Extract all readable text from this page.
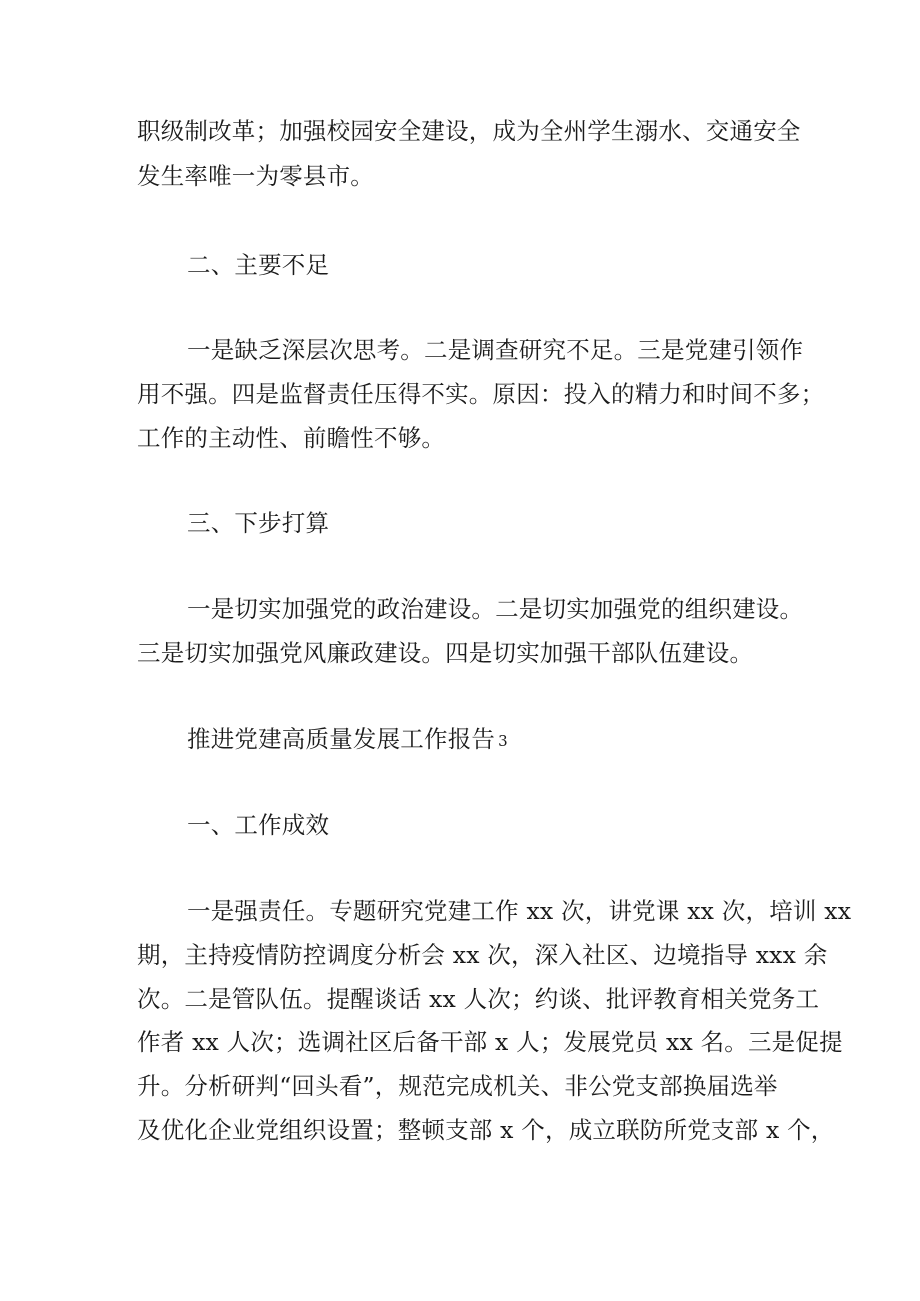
职级制改革；加强校园安全建设，成为全州学生溺水、交通安全
发生率唯一为零县市。
二、主要不足
一是缺乏深层次思考。二是调查研究不足。三是党建引领作
用不强。四是监督责任压得不实。原因：投入的精力和时间不多；
工作的主动性、前瞻性不够。
三、下步打算
一是切实加强党的政治建设。二是切实加强党的组织建设。
三是切实加强党风廉政建设。四是切实加强干部队伍建设。
推进党建高质量发展工作报告 3
一、工作成效
一是强责任。专题研究党建工作 xx 次，讲党课 xx 次，培训 xx
期，主持疫情防控调度分析会 xx 次，深入社区、边境指导 xxx 余
次。二是管队伍。提醒谈话 xx 人次；约谈、批评教育相关党务工
作者 xx 人次；选调社区后备干部 x 人；发展党员 xx 名。三是促提
升。分析研判“回头看”，规范完成机关、非公党支部换届选举
及优化企业党组织设置；整顿支部 x 个，成立联防所党支部 x 个，
